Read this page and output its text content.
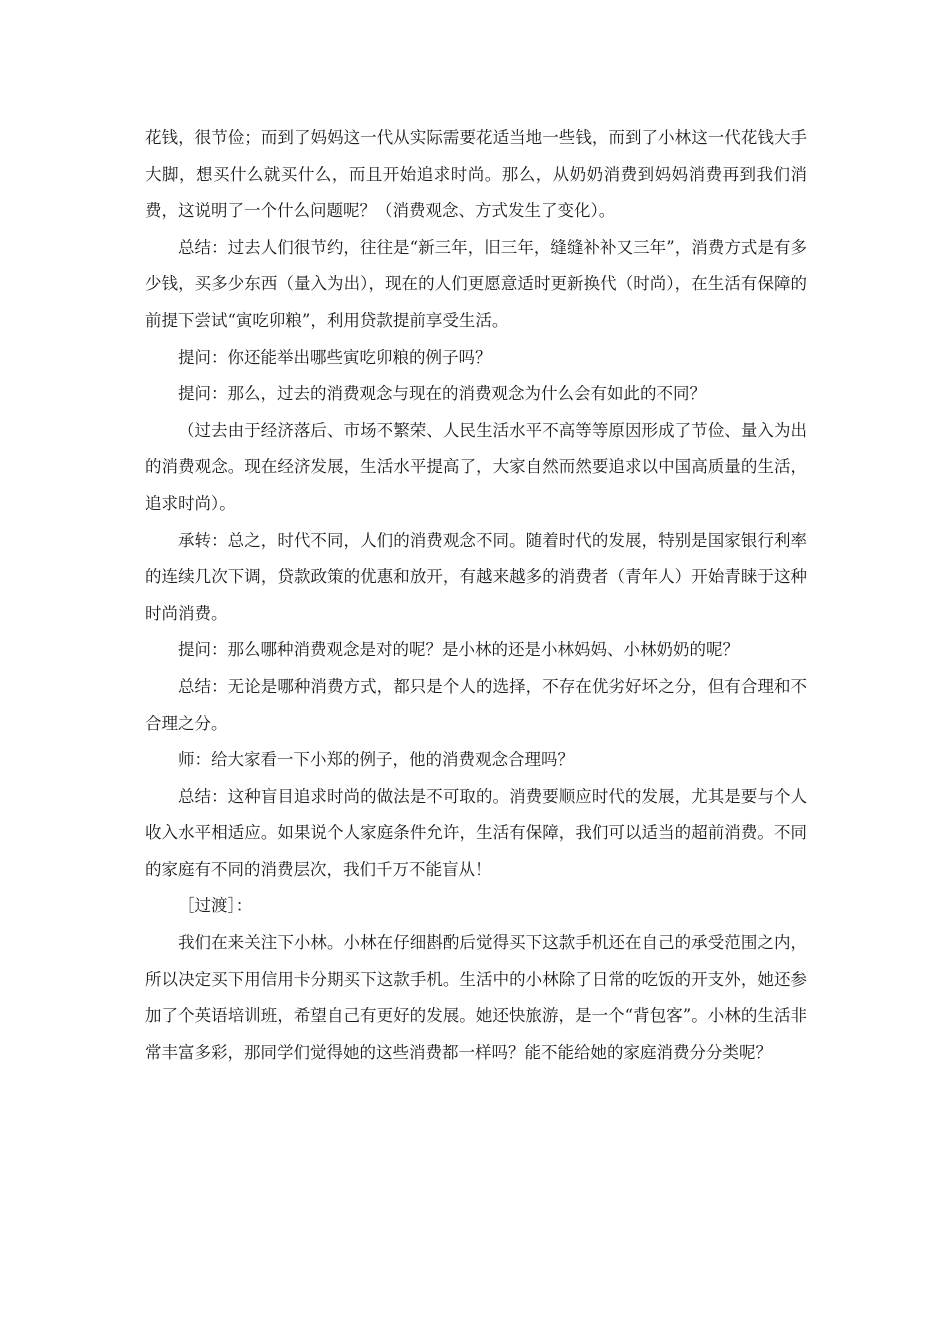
花钱，很节俭；而到了妈妈这一代从实际需要花适当地一些钱，而到了小林这一代花钱大手大脚，想买什么就买什么，而且开始追求时尚。那么，从奶奶消费到妈妈消费再到我们消费，这说明了一个什么问题呢？（消费观念、方式发生了变化）。

总结：过去人们很节约，往往是“新三年，旧三年，缝缝补补又三年”，消费方式是有多少钱，买多少东西（量入为出），现在的人们更愿意适时更新换代（时尚），在生活有保障的前提下尝试“寅吃卯粮”，利用贷款提前享受生活。

提问：你还能举出哪些寅吃卯粮的例子吗？

提问：那么，过去的消费观念与现在的消费观念为什么会有如此的不同？

（过去由于经济落后、市场不繁荣、人民生活水平不高等等原因形成了节俭、量入为出的消费观念。现在经济发展，生活水平提高了，大家自然而然要追求以中国高质量的生活，追求时尚）。

承转：总之，时代不同，人们的消费观念不同。随着时代的发展，特别是国家银行利率的连续几次下调，贷款政策的优惠和放开，有越来越多的消费者（青年人）开始青睐于这种时尚消费。

提问：那么哪种消费观念是对的呢？是小林的还是小林妈妈、小林奶奶的呢？

总结：无论是哪种消费方式，都只是个人的选择，不存在优劣好坏之分，但有合理和不合理之分。

师：给大家看一下小郑的例子，他的消费观念合理吗？

总结：这种盲目追求时尚的做法是不可取的。消费要顺应时代的发展，尤其是要与个人收入水平相适应。如果说个人家庭条件允许，生活有保障，我们可以适当的超前消费。不同的家庭有不同的消费层次，我们千万不能盲从！

［过渡］：

我们在来关注下小林。小林在仔细斟酌后觉得买下这款手机还在自己的承受范围之内，所以决定买下用信用卡分期买下这款手机。生活中的小林除了日常的吃饭的开支外，她还参加了个英语培训班，希望自己有更好的发展。她还快旅游，是一个“背包客”。小林的生活非常丰富多彩，那同学们觉得她的这些消费都一样吗？能不能给她的家庭消费分分类呢？
